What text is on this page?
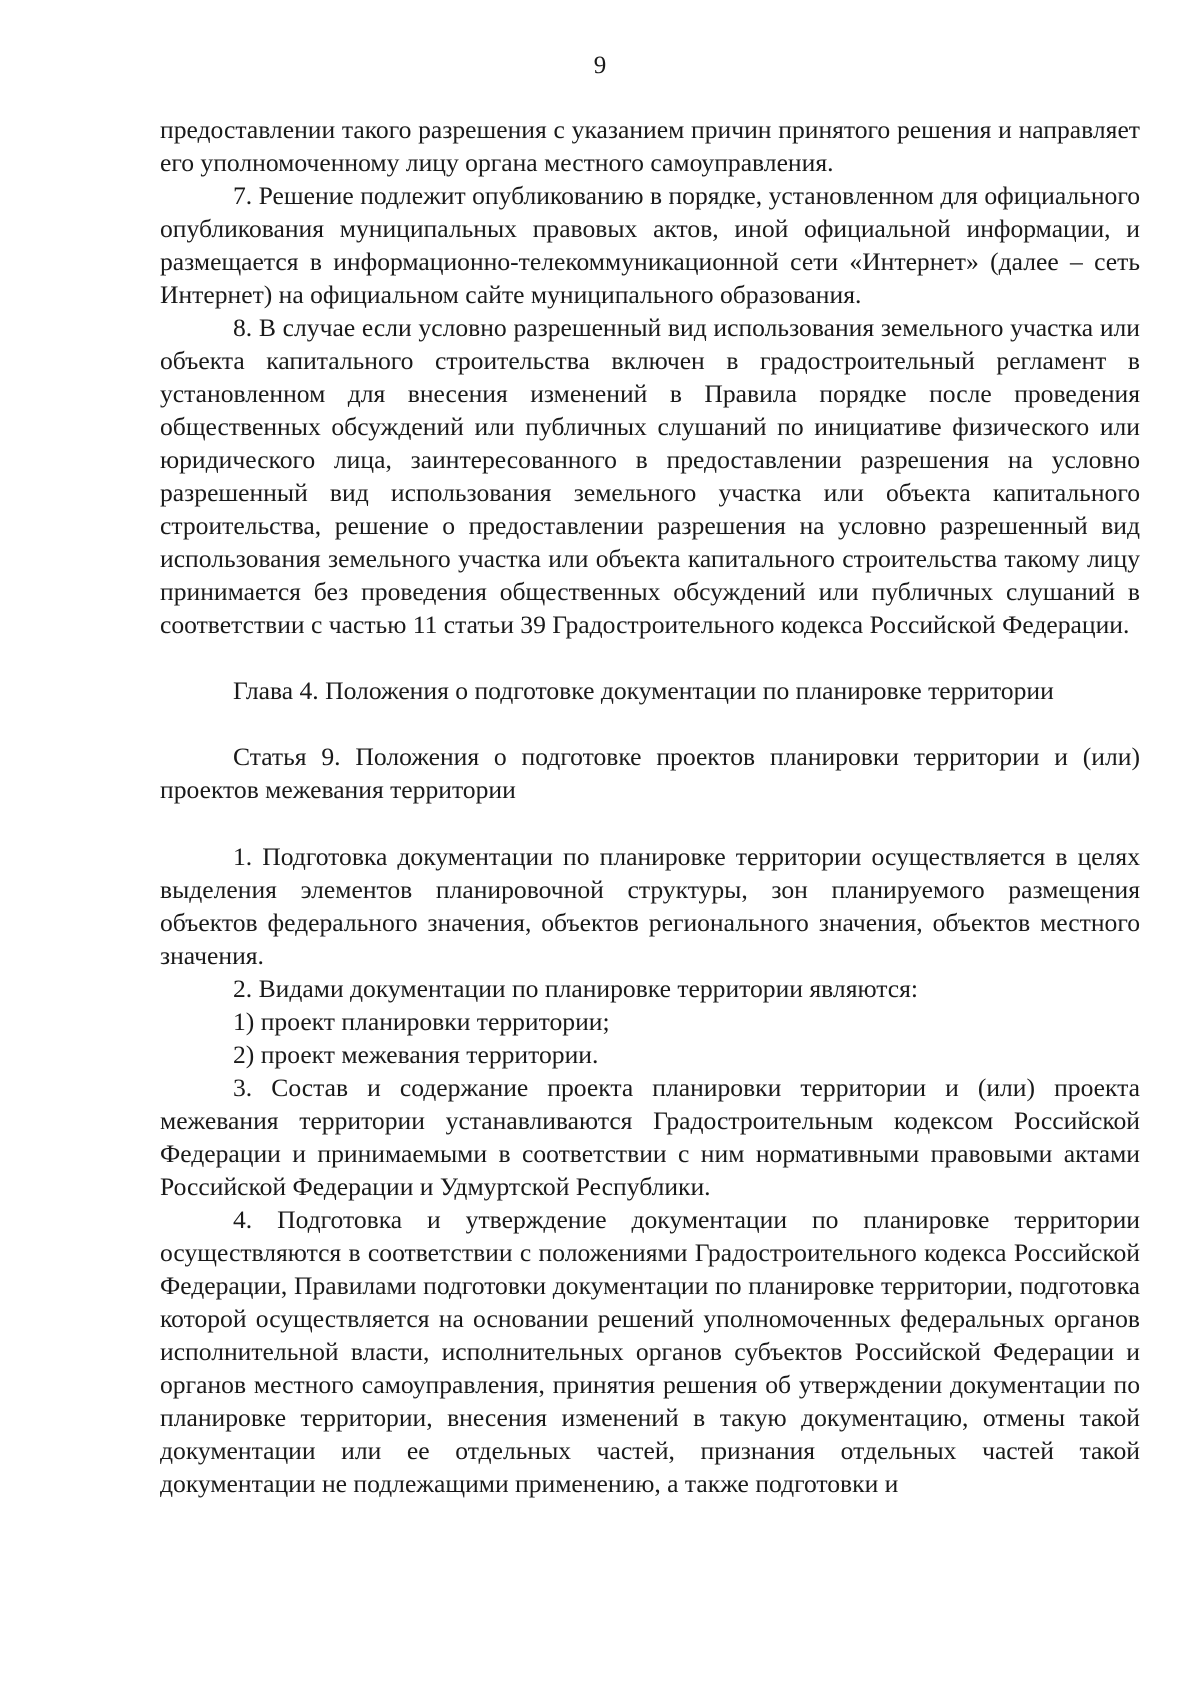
9

предоставлении такого разрешения с указанием причин принятого решения и направляет его уполномоченному лицу органа местного самоуправления.

7. Решение подлежит опубликованию в порядке, установленном для официального опубликования муниципальных правовых актов, иной официальной информации, и размещается в информационно-телекоммуникационной сети «Интернет» (далее – сеть Интернет) на официальном сайте муниципального образования.

8. В случае если условно разрешенный вид использования земельного участка или объекта капитального строительства включен в градостроительный регламент в установленном для внесения изменений в Правила порядке после проведения общественных обсуждений или публичных слушаний по инициативе физического или юридического лица, заинтересованного в предоставлении разрешения на условно разрешенный вид использования земельного участка или объекта капитального строительства, решение о предоставлении разрешения на условно разрешенный вид использования земельного участка или объекта капитального строительства такому лицу принимается без проведения общественных обсуждений или публичных слушаний в соответствии с частью 11 статьи 39 Градостроительного кодекса Российской Федерации.

Глава 4. Положения о подготовке документации по планировке территории

Статья 9. Положения о подготовке проектов планировки территории и (или) проектов межевания территории

1. Подготовка документации по планировке территории осуществляется в целях выделения элементов планировочной структуры, зон планируемого размещения объектов федерального значения, объектов регионального значения, объектов местного значения.

2. Видами документации по планировке территории являются:

1) проект планировки территории;

2) проект межевания территории.

3. Состав и содержание проекта планировки территории и (или) проекта межевания территории устанавливаются Градостроительным кодексом Российской Федерации и принимаемыми в соответствии с ним нормативными правовыми актами Российской Федерации и Удмуртской Республики.

4. Подготовка и утверждение документации по планировке территории осуществляются в соответствии с положениями Градостроительного кодекса Российской Федерации, Правилами подготовки документации по планировке территории, подготовка которой осуществляется на основании решений уполномоченных федеральных органов исполнительной власти, исполнительных органов субъектов Российской Федерации и органов местного самоуправления, принятия решения об утверждении документации по планировке территории, внесения изменений в такую документацию, отмены такой документации или ее отдельных частей, признания отдельных частей такой документации не подлежащими применению, а также подготовки и
